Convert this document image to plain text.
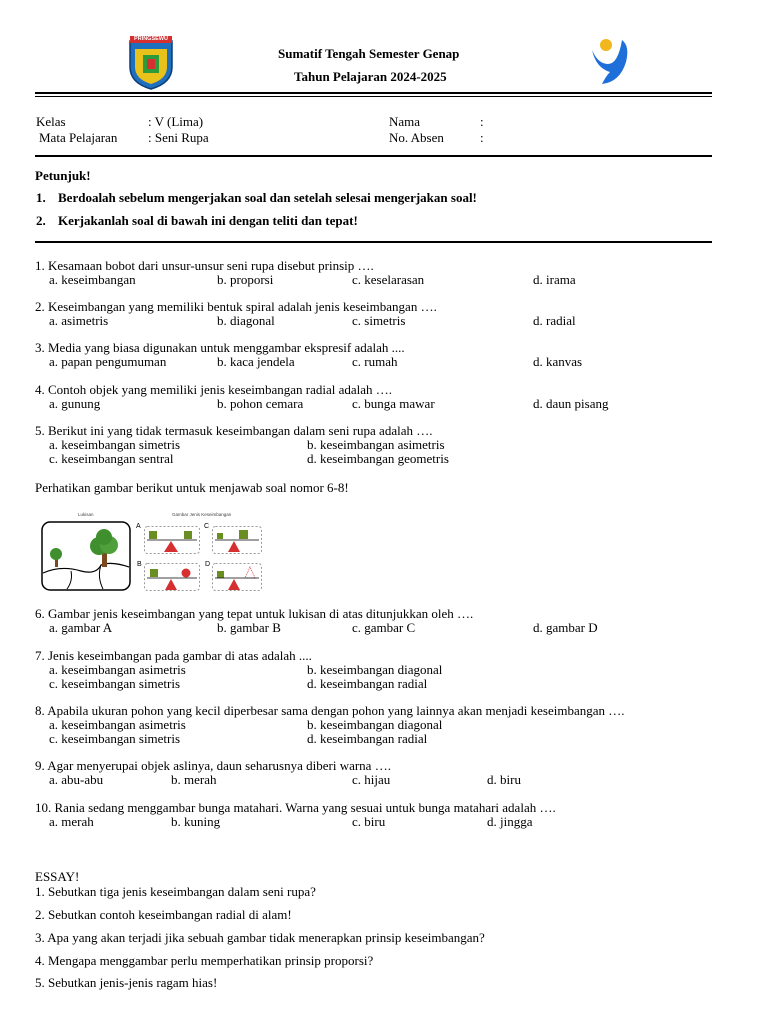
PRINGSEWU
Sumatif Tengah Semester Genap
Tahun Pelajaran 2024-2025
Kelas	: V (Lima)
Mata Pelajaran : Seni Rupa
Nama	:
No. Absen	:
Petunjuk!
1. Berdoalah sebelum mengerjakan soal dan setelah selesai mengerjakan soal!
2. Kerjakanlah soal di bawah ini dengan teliti dan tepat!
1. Kesamaan bobot dari unsur-unsur seni rupa disebut prinsip ….
a. keseimbangan	b. proporsi	c. keselarasan	d. irama
2. Keseimbangan yang memiliki bentuk spiral adalah jenis keseimbangan ….
a. asimetris	b. diagonal	c. simetris	d. radial
3. Media yang biasa digunakan untuk menggambar ekspresif adalah ....
a. papan pengumuman	b. kaca jendela	c. rumah	d. kanvas
4. Contoh objek yang memiliki jenis keseimbangan radial adalah ….
a. gunung	b. pohon cemara	c. bunga mawar	d. daun pisang
5. Berikut ini yang tidak termasuk keseimbangan dalam seni rupa adalah ….
a. keseimbangan simetris	b. keseimbangan asimetris
c. keseimbangan sentral	d. keseimbangan geometris
Perhatikan gambar berikut untuk menjawab soal nomor 6-8!
Lukisan	Gambar Jenis Keseimbangan
A	C
B	D
6. Gambar jenis keseimbangan yang tepat untuk lukisan di atas ditunjukkan oleh ….
a. gambar A	b. gambar B	c. gambar C	d. gambar D
7. Jenis keseimbangan pada gambar di atas adalah ....
a. keseimbangan asimetris	b. keseimbangan diagonal
c. keseimbangan simetris	d. keseimbangan radial
8. Apabila ukuran pohon yang kecil diperbesar sama dengan pohon yang lainnya akan menjadi keseimbangan ….
a. keseimbangan asimetris	b. keseimbangan diagonal
c. keseimbangan simetris	d. keseimbangan radial
9. Agar menyerupai objek aslinya, daun seharusnya diberi warna ….
a. abu-abu	b. merah	c. hijau	d. biru
10. Rania sedang menggambar bunga matahari. Warna yang sesuai untuk bunga matahari adalah ….
a. merah	b. kuning	c. biru	d. jingga
ESSAY!
1. Sebutkan tiga jenis keseimbangan dalam seni rupa?
2. Sebutkan contoh keseimbangan radial di alam!
3. Apa yang akan terjadi jika sebuah gambar tidak menerapkan prinsip keseimbangan?
4. Mengapa menggambar perlu memperhatikan prinsip proporsi?
5. Sebutkan jenis-jenis ragam hias!
